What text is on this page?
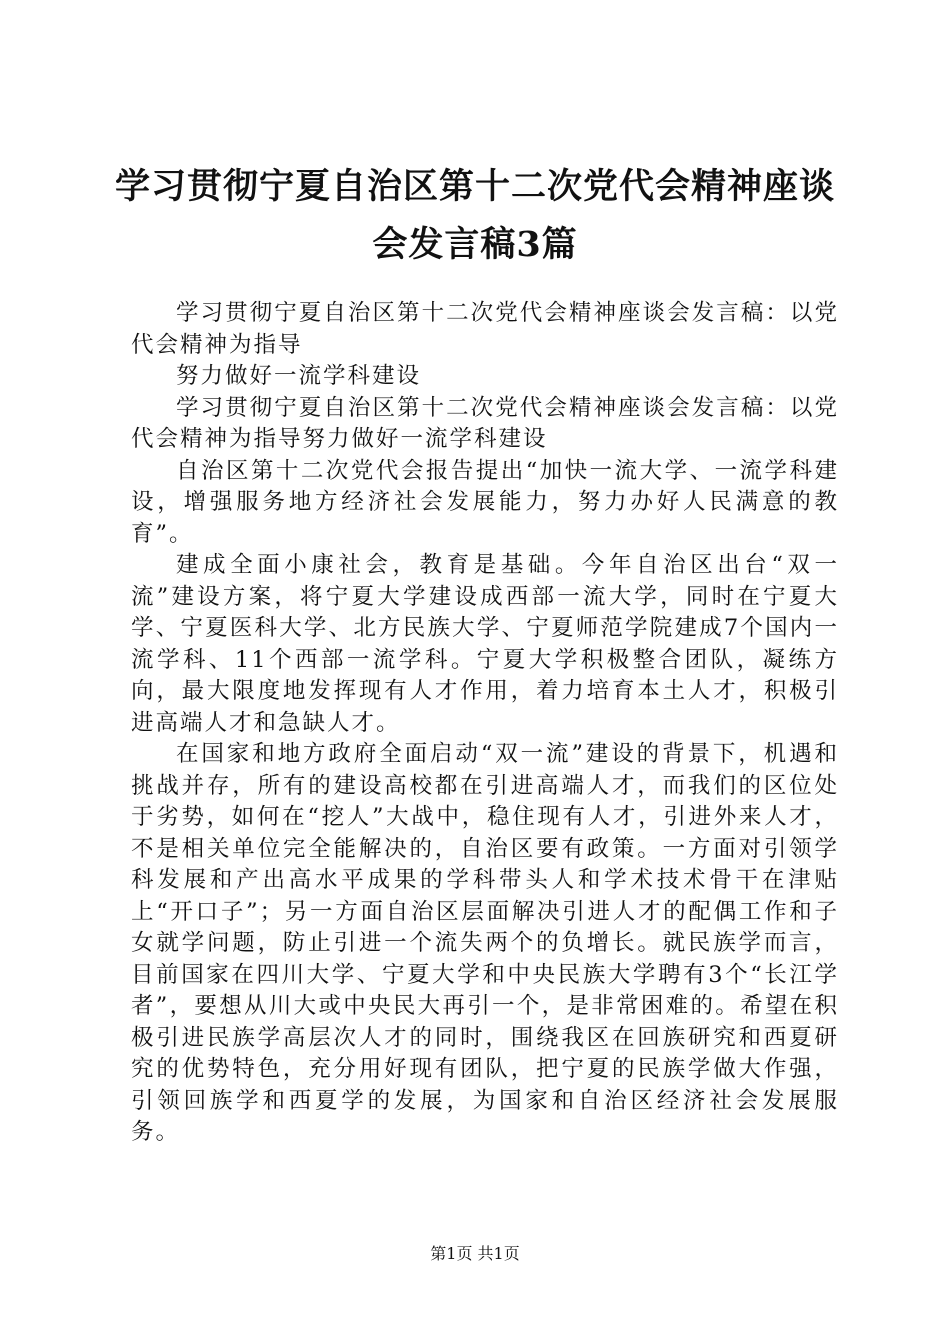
学习贯彻宁夏自治区第十二次党代会精神座谈会发言稿3篇

学习贯彻宁夏自治区第十二次党代会精神座谈会发言稿：以党代会精神为指导

努力做好一流学科建设

学习贯彻宁夏自治区第十二次党代会精神座谈会发言稿：以党代会精神为指导努力做好一流学科建设

自治区第十二次党代会报告提出“加快一流大学、一流学科建设，增强服务地方经济社会发展能力，努力办好人民满意的教育”。

建成全面小康社会，教育是基础。今年自治区出台“双一流”建设方案，将宁夏大学建设成西部一流大学，同时在宁夏大学、宁夏医科大学、北方民族大学、宁夏师范学院建成7个国内一流学科、11个西部一流学科。宁夏大学积极整合团队，凝练方向，最大限度地发挥现有人才作用，着力培育本土人才，积极引进高端人才和急缺人才。

在国家和地方政府全面启动“双一流”建设的背景下，机遇和挑战并存，所有的建设高校都在引进高端人才，而我们的区位处于劣势，如何在“挖人”大战中，稳住现有人才，引进外来人才，不是相关单位完全能解决的，自治区要有政策。一方面对引领学科发展和产出高水平成果的学科带头人和学术技术骨干在津贴上“开口子”；另一方面自治区层面解决引进人才的配偶工作和子女就学问题，防止引进一个流失两个的负增长。就民族学而言，目前国家在四川大学、宁夏大学和中央民族大学聘有3个“长江学者”，要想从川大或中央民大再引一个，是非常困难的。希望在积极引进民族学高层次人才的同时，围绕我区在回族研究和西夏研究的优势特色，充分用好现有团队，把宁夏的民族学做大作强，引领回族学和西夏学的发展，为国家和自治区经济社会发展服务。

第1页 共1页
